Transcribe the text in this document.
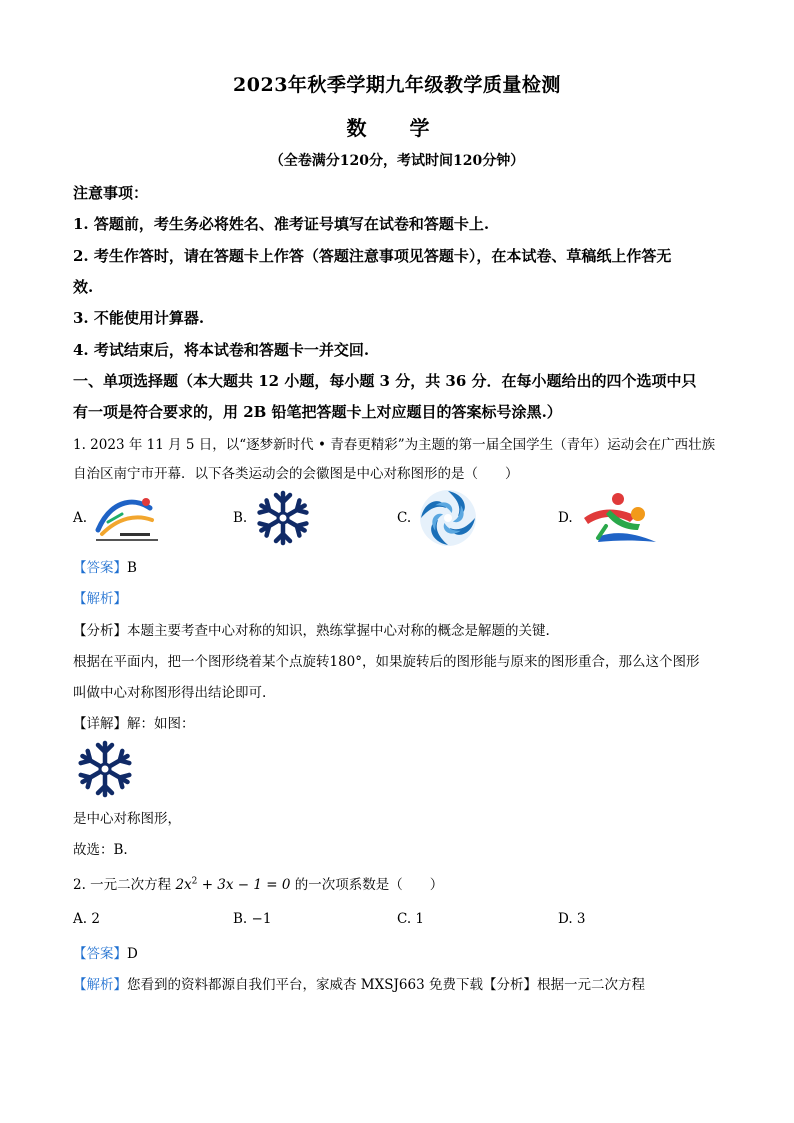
2023年秋季学期九年级教学质量检测
数 学
（全卷满分120分，考试时间120分钟）
注意事项：
1. 答题前，考生务必将姓名、准考证号填写在试卷和答题卡上.
2. 考生作答时，请在答题卡上作答（答题注意事项见答题卡），在本试卷、草稿纸上作答无
效.
3. 不能使用计算器.
4. 考试结束后，将本试卷和答题卡一并交回.
一、单项选择题（本大题共 12 小题，每小题 3 分，共 36 分．在每小题给出的四个选项中只
有一项是符合要求的，用 2B 铅笔把答题卡上对应题目的答案标号涂黑.）
1. 2023 年 11 月 5 日，以“逐梦新时代 • 青春更精彩”为主题的第一届全国学生（青年）运动会在广西壮族
自治区南宁市开幕．以下各类运动会的会徽图是中心对称图形的是（　　）
A.	B.	C.	D.
【答案】B
【解析】
【分析】本题主要考查中心对称的知识，熟练掌握中心对称的概念是解题的关键.
根据在平面内，把一个图形绕着某个点旋转180°，如果旋转后的图形能与原来的图形重合，那么这个图形
叫做中心对称图形得出结论即可.
【详解】解：如图：
是中心对称图形，
故选：B.
2. 一元二次方程 $2x^2 + 3x - 1 = 0$ 的一次项系数是（　　）
A. 2	B. −1	C. 1	D. 3
【答案】D
【解析】您看到的资料都源自我们平台，家威杏 MXSJ663 免费下载【分析】根据一元二次方程
